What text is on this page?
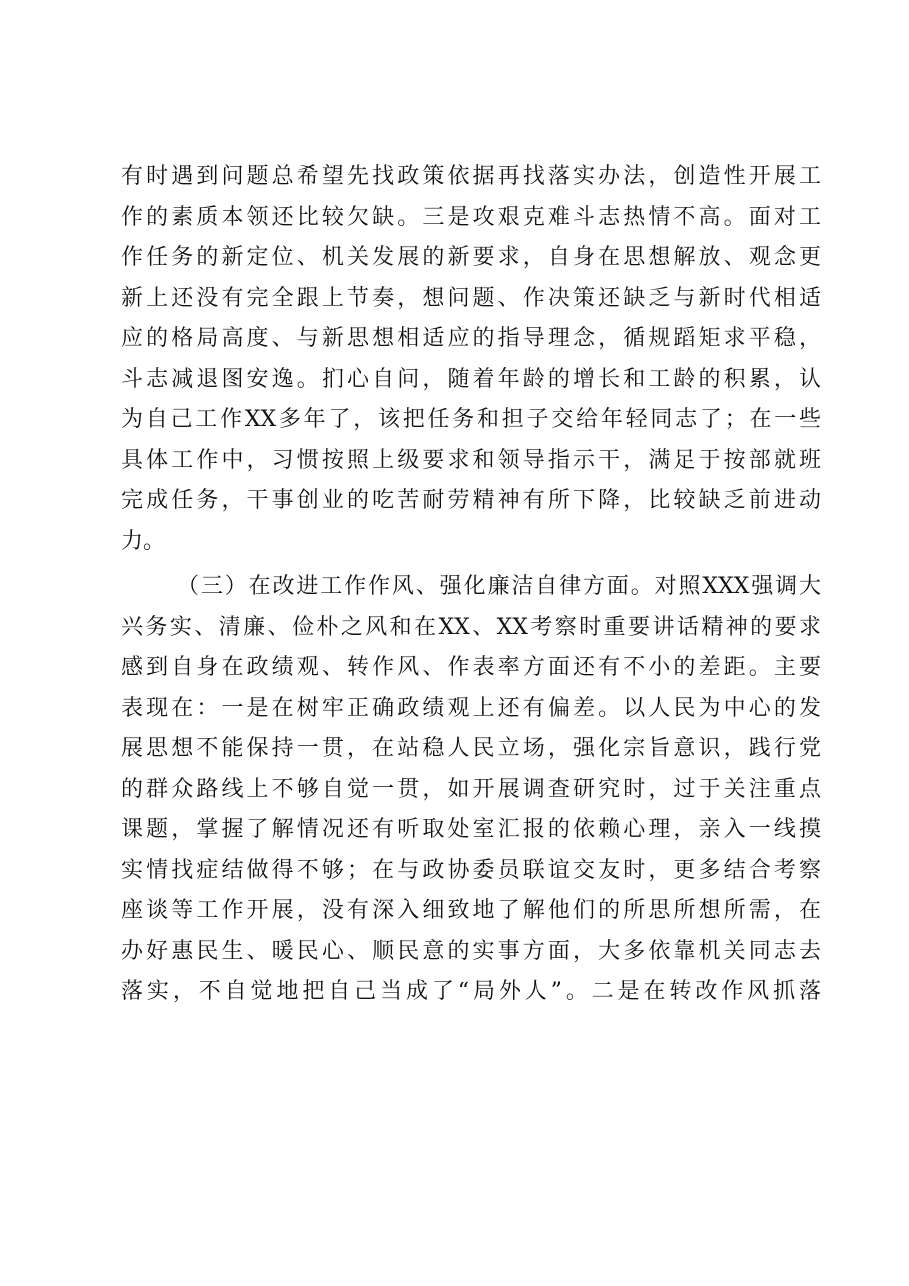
有时遇到问题总希望先找政策依据再找落实办法，创造性开展工
作的素质本领还比较欠缺。三是攻艰克难斗志热情不高。面对工
作任务的新定位、机关发展的新要求，自身在思想解放、观念更
新上还没有完全跟上节奏，想问题、作决策还缺乏与新时代相适
应的格局高度、与新思想相适应的指导理念，循规蹈矩求平稳，
斗志减退图安逸。扪心自问，随着年龄的增长和工龄的积累，认
为自己工作XX多年了，该把任务和担子交给年轻同志了；在一些
具体工作中，习惯按照上级要求和领导指示干，满足于按部就班
完成任务，干事创业的吃苦耐劳精神有所下降，比较缺乏前进动
力。
（三）在改进工作作风、强化廉洁自律方面。对照XXX强调大
兴务实、清廉、俭朴之风和在XX、XX考察时重要讲话精神的要求
感到自身在政绩观、转作风、作表率方面还有不小的差距。主要
表现在：一是在树牢正确政绩观上还有偏差。以人民为中心的发
展思想不能保持一贯，在站稳人民立场，强化宗旨意识，践行党
的群众路线上不够自觉一贯，如开展调查研究时，过于关注重点
课题，掌握了解情况还有听取处室汇报的依赖心理，亲入一线摸
实情找症结做得不够；在与政协委员联谊交友时，更多结合考察
座谈等工作开展，没有深入细致地了解他们的所思所想所需，在
办好惠民生、暖民心、顺民意的实事方面，大多依靠机关同志去
落实，不自觉地把自己当成了“局外人”。二是在转改作风抓落
